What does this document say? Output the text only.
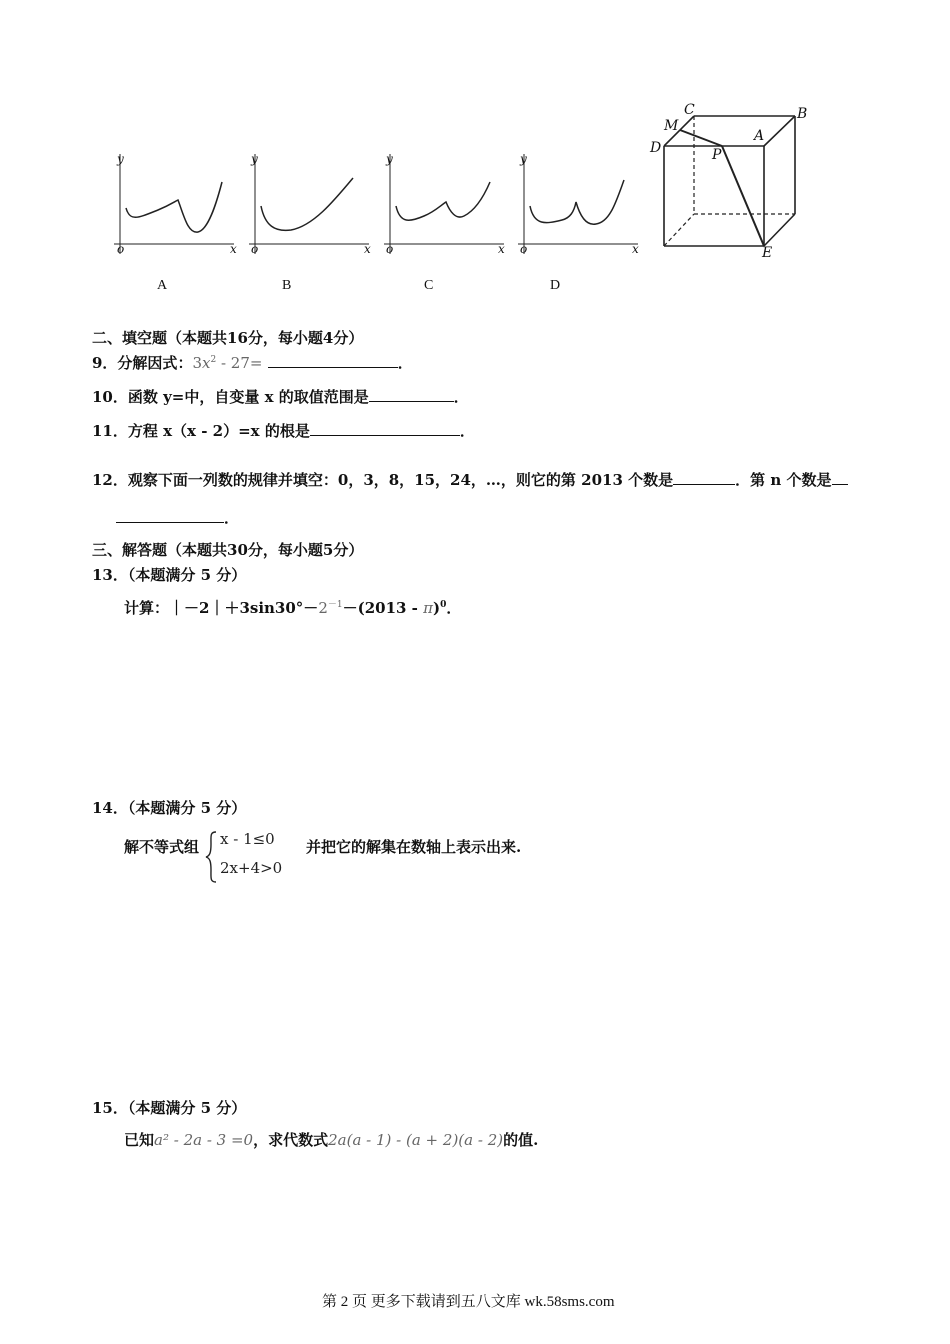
y
o	x
A
y
o	x
B
y
o	x
C
y
o	x
D
C	B
M
A
D	P
E
二、填空题（本题共16分，每小题4分）
9．分解因式：$3x^2 - 27=$	．
10．函数 y=中，自变量 x 的取值范围是	．
11．方程 x（x - 2）=x 的根是	．
12．观察下面一列数的规律并填空：0，3，8，15，24，…，则它的第 2013 个数是	．第 n 个数是
．
三、解答题（本题共30分，每小题5分）
13．（本题满分 5 分）
计算：$|-2|+3\sin 30^\circ-2^{-1}-(2013 - \pi)^0$．
14．（本题满分 5 分）
解不等式组 x - 1≤0
2x+4>0
并把它的解集在数轴上表示出来.
15．（本题满分 5 分）
已知a² - 2a - 3 =0，求代数式2a(a - 1) - (a + 2)(a - 2)的值.
第 2 页 更多下载请到五八文库 wk.58sms.com
